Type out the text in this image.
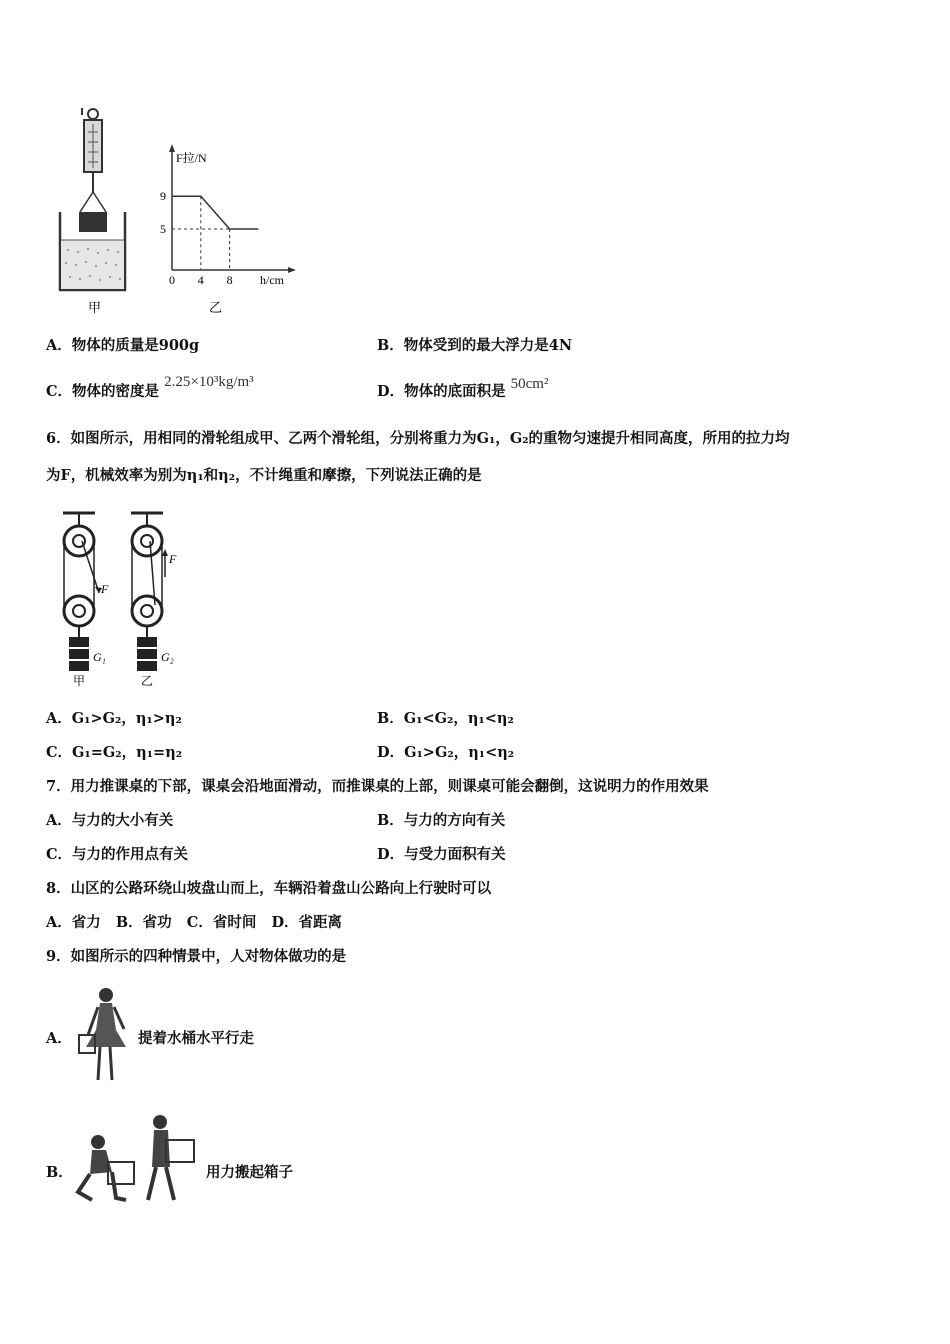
甲
F拉/N
h/cm
0 4 8
9
5
乙
A．物体的质量是900g	B．物体受到的最大浮力是4N
C．物体的密度是 2.25×10³kg/m³
D．物体的底面积是 50cm²
6．如图所示，用相同的滑轮组成甲、乙两个滑轮组，分别将重力为G₁，G₂的重物匀速提升相同高度，所用的拉力均
为F，机械效率为别为η₁和η₂，不计绳重和摩擦，下列说法正确的是
F
G₁
甲
F
G₂
乙
A．G₁>G₂，η₁>η₂	B．G₁<G₂，η₁<η₂
C．G₁=G₂，η₁=η₂	D．G₁>G₂，η₁<η₂
7．用力推课桌的下部，课桌会沿地面滑动，而推课桌的上部，则课桌可能会翻倒，这说明力的作用效果
A．与力的大小有关	B．与力的方向有关
C．与力的作用点有关	D．与受力面积有关
8．山区的公路环绕山坡盘山而上，车辆沿着盘山公路向上行驶时可以
A．省力   B．省功   C．省时间   D．省距离
9．如图所示的四种情景中，人对物体做功的是
A．	提着水桶水平行走
B．	用力搬起箱子
